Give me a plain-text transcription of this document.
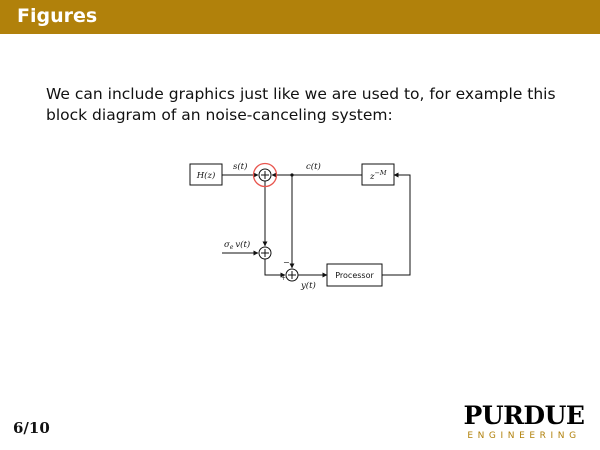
Figures
We can include graphics just like we are used to, for example this block diagram of an noise-canceling system:
H(z)	$z^{-M}$
Processor
s(t)	c(t)
$\sigma_e$ v(t)
y(t)
−
+
6/10	PURDUE
ENGINEERING
